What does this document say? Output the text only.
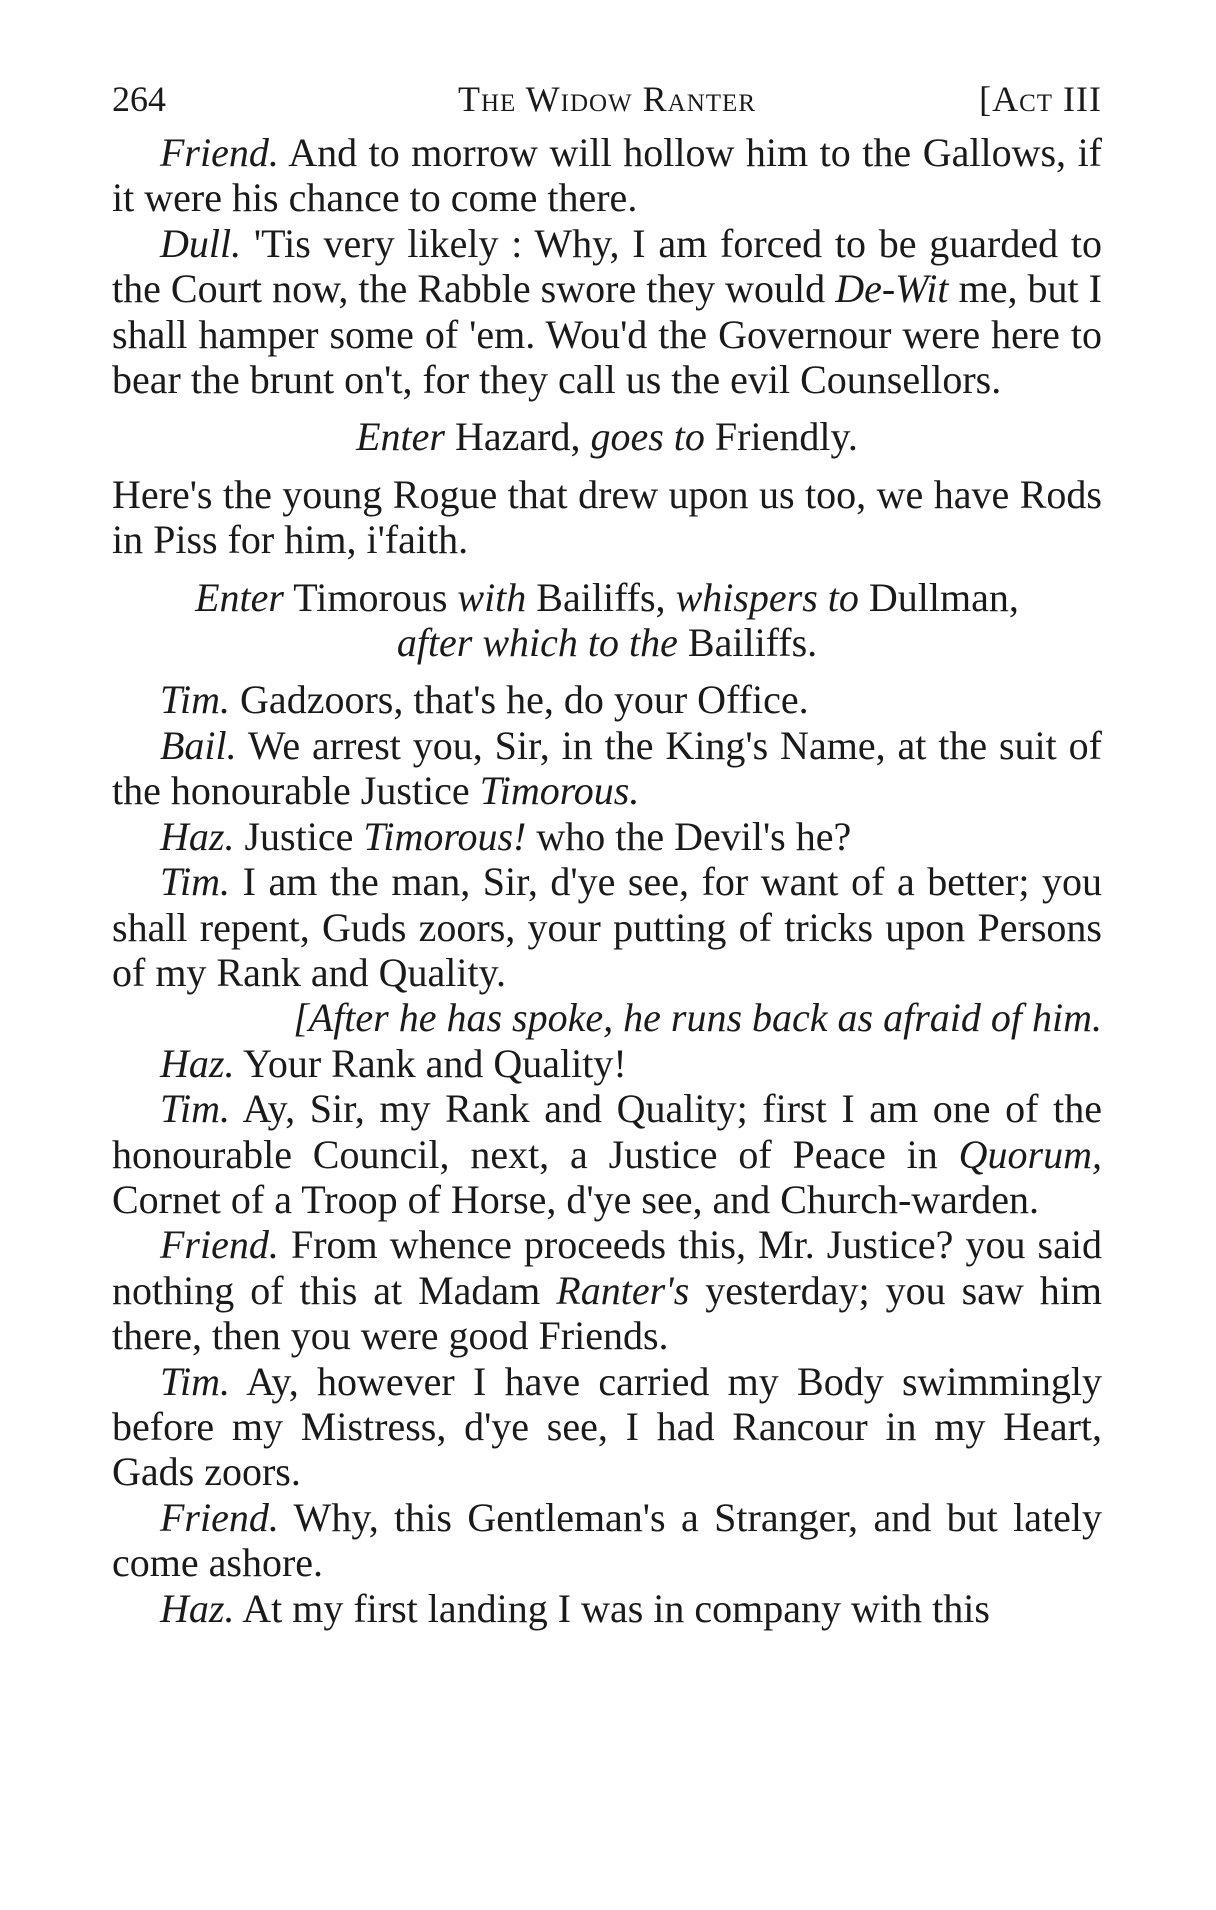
264	The Widow Ranter	[Act III

Friend. And to morrow will hollow him to the Gallows, if it were his chance to come there.

Dull. 'Tis very likely : Why, I am forced to be guarded to the Court now, the Rabble swore they would De-Wit me, but I shall hamper some of 'em. Wou'd the Governour were here to bear the brunt on't, for they call us the evil Counsellors.

Enter Hazard, goes to Friendly.

Here's the young Rogue that drew upon us too, we have Rods in Piss for him, i'faith.

Enter Timorous with Bailiffs, whispers to Dullman,
after which to the Bailiffs.

Tim. Gadzoors, that's he, do your Office.

Bail. We arrest you, Sir, in the King's Name, at the suit of the honourable Justice Timorous.

Haz. Justice Timorous! who the Devil's he?

Tim. I am the man, Sir, d'ye see, for want of a better; you shall repent, Guds zoors, your putting of tricks upon Persons of my Rank and Quality.

[After he has spoke, he runs back as afraid of him.

Haz. Your Rank and Quality!

Tim. Ay, Sir, my Rank and Quality; first I am one of the honourable Council, next, a Justice of Peace in Quorum, Cornet of a Troop of Horse, d'ye see, and Church-warden.

Friend. From whence proceeds this, Mr. Justice? you said nothing of this at Madam Ranter's yesterday; you saw him there, then you were good Friends.

Tim. Ay, however I have carried my Body swimmingly before my Mistress, d'ye see, I had Rancour in my Heart, Gads zoors.

Friend. Why, this Gentleman's a Stranger, and but lately come ashore.

Haz. At my first landing I was in company with this
